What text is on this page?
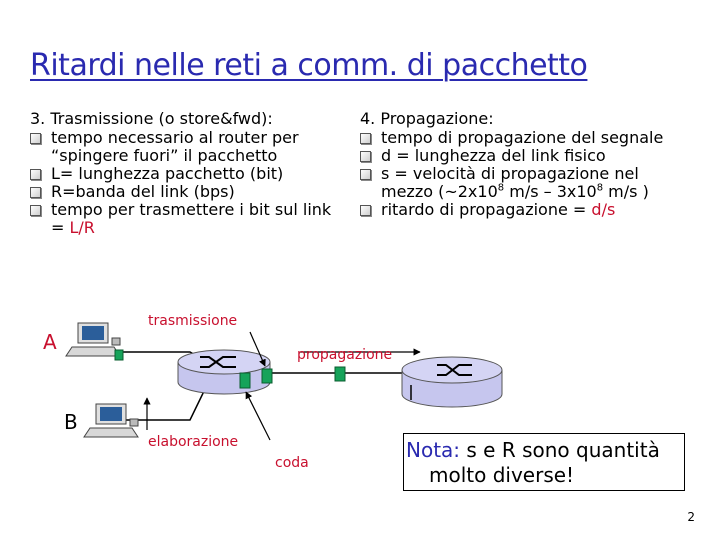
Ritardi nelle reti a comm. di pacchetto
3. Trasmissione (o store&fwd):
tempo necessario al router per “spingere fuori” il pacchetto
L= lunghezza pacchetto (bit)
R=banda del link (bps)
tempo per trasmettere i bit sul link = L/R
4. Propagazione:
tempo di propagazione del segnale
d = lunghezza del link fisico
s = velocità di propagazione nel mezzo ($\sim 2x10^8$ $m/s - 3x10^8$ m/s )
ritardo di propagazione = d/s
trasmissione
propagazione
elaborazione
coda
A
B
Nota: s e R sono quantità
molto diverse!
2
